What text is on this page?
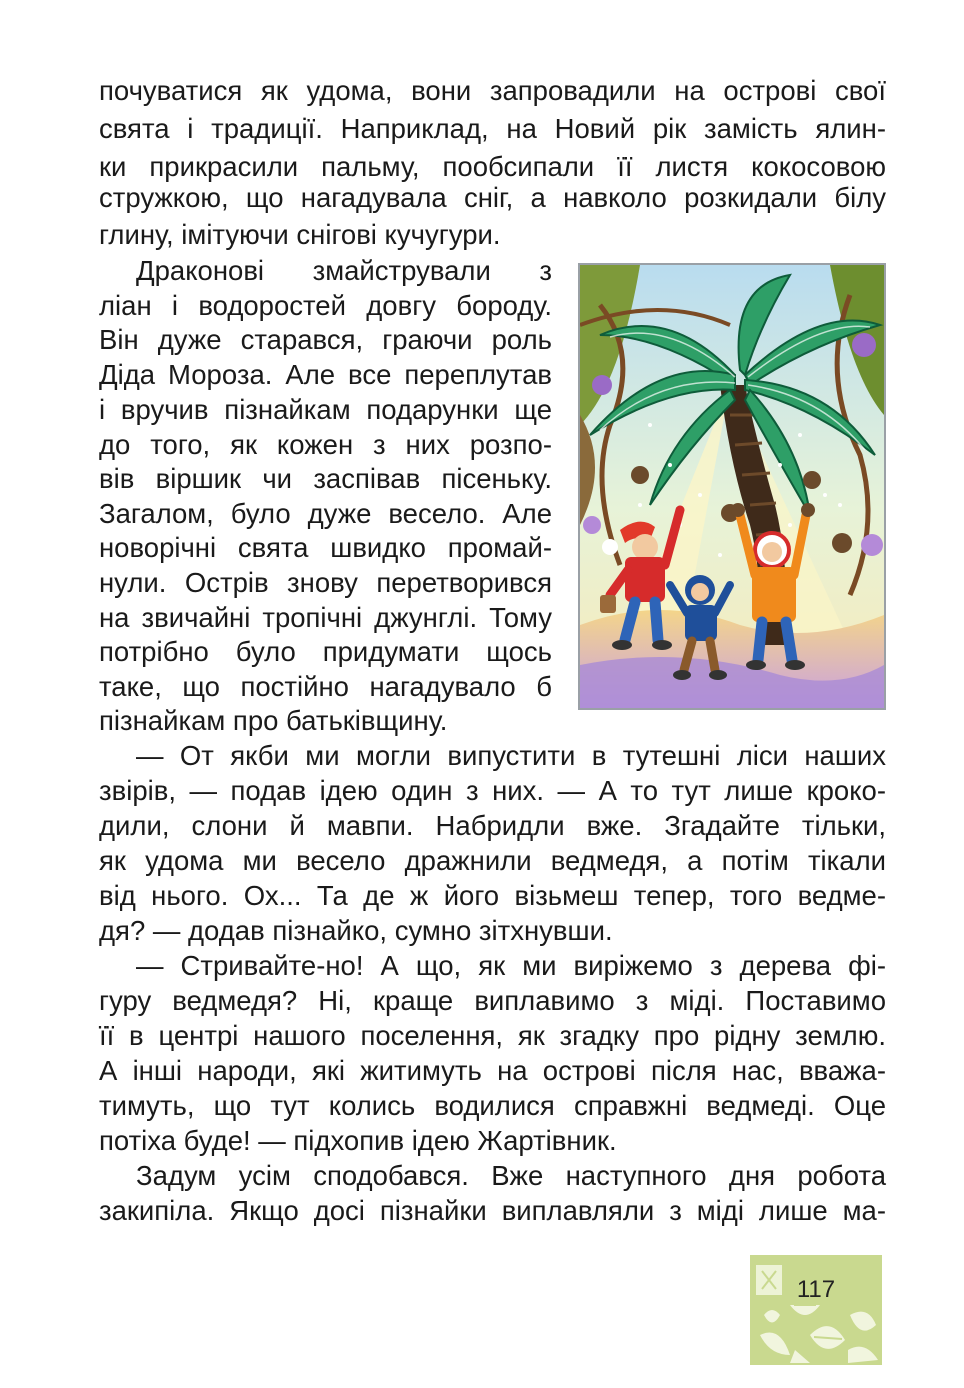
почуватися як удома, вони запровадили на острові свої
свята і традиції. Наприклад, на Новий рік замість ялин-
ки прикрасили пальму, пообсипали її листя кокосовою
стружкою, що нагадувала сніг, а навколо розкидали білу
глину, імітуючи снігові кучугури.
Драконові змайстрували з
ліан і водоростей довгу бороду.
Він дуже старався, граючи роль
Діда Мороза. Але все переплутав
і вручив пізнайкам подарунки ще
до того, як кожен з них розпо-
вів віршик чи заспівав пісеньку.
Загалом, було дуже весело. Але
новорічні свята швидко промай-
нули. Острів знову перетворився
на звичайні тропічні джунглі. Тому
потрібно було придумати щось
таке, що постійно нагадувало б
пізнайкам про батьківщину.
— От якби ми могли випустити в тутешні ліси наших
звірів, — подав ідею один з них. — А то тут лише кроко-
дили, слони й мавпи. Набридли вже. Згадайте тільки,
як удома ми весело дражнили ведмедя, а потім тікали
від нього. Ох... Та де ж його візьмеш тепер, того ведме-
дя? — додав пізнайко, сумно зітхнувши.
— Стривайте-но! А що, як ми виріжемо з дерева фі-
гуру ведмедя? Ні, краще виплавимо з міді. Поставимо
її в центрі нашого поселення, як згадку про рідну землю.
А інші народи, які житимуть на острові після нас, вважа-
тимуть, що тут колись водилися справжні ведмеді. Оце
потіха буде! — підхопив ідею Жартівник.
Задум усім сподобався. Вже наступного дня робота
закипіла. Якщо досі пізнайки виплавляли з міді лише ма-
117
